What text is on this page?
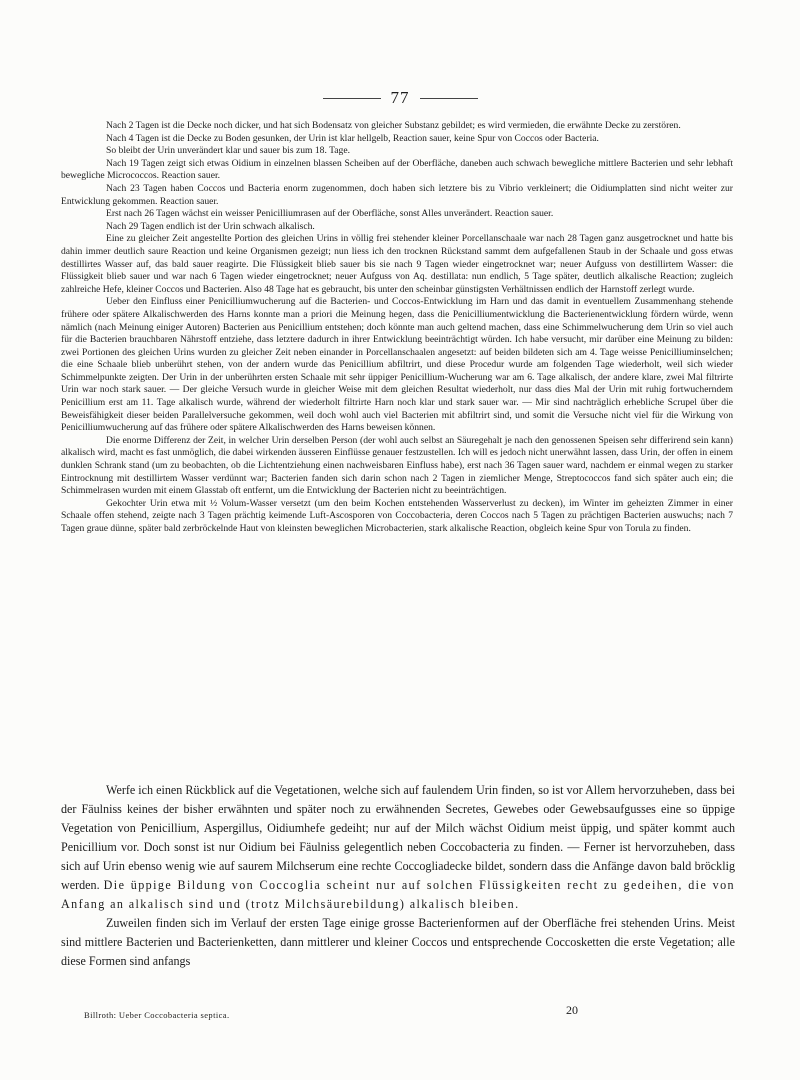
77

Nach 2 Tagen ist die Decke noch dicker, und hat sich Bodensatz von gleicher Substanz gebildet; es wird vermieden, die erwähnte Decke zu zerstören.

Nach 4 Tagen ist die Decke zu Boden gesunken, der Urin ist klar hellgelb, Reaction sauer, keine Spur von Coccos oder Bacteria.

So bleibt der Urin unverändert klar und sauer bis zum 18. Tage.

Nach 19 Tagen zeigt sich etwas Oidium in einzelnen blassen Scheiben auf der Oberfläche, daneben auch schwach bewegliche mittlere Bacterien und sehr lebhaft bewegliche Micrococcos. Reaction sauer.

Nach 23 Tagen haben Coccos und Bacteria enorm zugenommen, doch haben sich letztere bis zu Vibrio verkleinert; die Oidiumplatten sind nicht weiter zur Entwicklung gekommen. Reaction sauer.

Erst nach 26 Tagen wächst ein weisser Penicilliumrasen auf der Oberfläche, sonst Alles unverändert. Reaction sauer.

Nach 29 Tagen endlich ist der Urin schwach alkalisch.

Eine zu gleicher Zeit angestellte Portion des gleichen Urins in völlig frei stehender kleiner Porcellanschaale war nach 28 Tagen ganz ausgetrocknet und hatte bis dahin immer deutlich saure Reaction und keine Organismen gezeigt; nun liess ich den trocknen Rückstand sammt dem aufgefallenen Staub in der Schaale und goss etwas destillirtes Wasser auf, das bald sauer reagirte. Die Flüssigkeit blieb sauer bis sie nach 9 Tagen wieder eingetrocknet war; neuer Aufguss von destillirtem Wasser: die Flüssigkeit blieb sauer und war nach 6 Tagen wieder eingetrocknet; neuer Aufguss von Aq. destillata: nun endlich, 5 Tage später, deutlich alkalische Reaction; zugleich zahlreiche Hefe, kleiner Coccos und Bacterien. Also 48 Tage hat es gebraucht, bis unter den scheinbar günstigsten Verhältnissen endlich der Harnstoff zerlegt wurde.

Ueber den Einfluss einer Penicilliumwucherung auf die Bacterien- und Coccos-Entwicklung im Harn und das damit in eventuellem Zusammenhang stehende frühere oder spätere Alkalischwerden des Harns konnte man a priori die Meinung hegen, dass die Penicilliumentwicklung die Bacterienentwicklung fördern würde, wenn nämlich (nach Meinung einiger Autoren) Bacterien aus Penicillium entstehen; doch könnte man auch geltend machen, dass eine Schimmelwucherung dem Urin so viel auch für die Bacterien brauchbaren Nährstoff entziehe, dass letztere dadurch in ihrer Entwicklung beeinträchtigt würden. Ich habe versucht, mir darüber eine Meinung zu bilden: zwei Portionen des gleichen Urins wurden zu gleicher Zeit neben einander in Porcellanschaalen angesetzt: auf beiden bildeten sich am 4. Tage weisse Penicilliuminselchen; die eine Schaale blieb unberührt stehen, von der andern wurde das Penicillium abfiltrirt, und diese Procedur wurde am folgenden Tage wiederholt, weil sich wieder Schimmelpunkte zeigten. Der Urin in der unberührten ersten Schaale mit sehr üppiger Penicillium-Wucherung war am 6. Tage alkalisch, der andere klare, zwei Mal filtrirte Urin war noch stark sauer. — Der gleiche Versuch wurde in gleicher Weise mit dem gleichen Resultat wiederholt, nur dass dies Mal der Urin mit ruhig fortwucherndem Penicillium erst am 11. Tage alkalisch wurde, während der wiederholt filtrirte Harn noch klar und stark sauer war. — Mir sind nachträglich erhebliche Scrupel über die Beweisfähigkeit dieser beiden Parallelversuche gekommen, weil doch wohl auch viel Bacterien mit abfiltrirt sind, und somit die Versuche nicht viel für die Wirkung von Penicilliumwucherung auf das frühere oder spätere Alkalischwerden des Harns beweisen können.

Die enorme Differenz der Zeit, in welcher Urin derselben Person (der wohl auch selbst an Säuregehalt je nach den genossenen Speisen sehr differirend sein kann) alkalisch wird, macht es fast unmöglich, die dabei wirkenden äusseren Einflüsse genauer festzustellen. Ich will es jedoch nicht unerwähnt lassen, dass Urin, der offen in einem dunklen Schrank stand (um zu beobachten, ob die Lichtentziehung einen nachweisbaren Einfluss habe), erst nach 36 Tagen sauer ward, nachdem er einmal wegen zu starker Eintrocknung mit destillirtem Wasser verdünnt war; Bacterien fanden sich darin schon nach 2 Tagen in ziemlicher Menge, Streptococcos fand sich später auch ein; die Schimmelrasen wurden mit einem Glasstab oft entfernt, um die Entwicklung der Bacterien nicht zu beeinträchtigen.

Gekochter Urin etwa mit ½ Volum-Wasser versetzt (um den beim Kochen entstehenden Wasserverlust zu decken), im Winter im geheizten Zimmer in einer Schaale offen stehend, zeigte nach 3 Tagen prächtig keimende Luft-Ascosporen von Coccobacteria, deren Coccos nach 5 Tagen zu prächtigen Bacterien auswuchs; nach 7 Tagen graue dünne, später bald zerbröckelnde Haut von kleinsten beweglichen Microbacterien, stark alkalische Reaction, obgleich keine Spur von Torula zu finden.

Werfe ich einen Rückblick auf die Vegetationen, welche sich auf faulendem Urin finden, so ist vor Allem hervorzuheben, dass bei der Fäulniss keines der bisher erwähnten und später noch zu erwähnenden Secretes, Gewebes oder Gewebsaufgusses eine so üppige Vegetation von Penicillium, Aspergillus, Oidiumhefe gedeiht; nur auf der Milch wächst Oidium meist üppig, und später kommt auch Penicillium vor. Doch sonst ist nur Oidium bei Fäulniss gelegentlich neben Coccobacteria zu finden. — Ferner ist hervorzuheben, dass sich auf Urin ebenso wenig wie auf saurem Milchserum eine rechte Coccogliadecke bildet, sondern dass die Anfänge davon bald bröcklig werden. Die üppige Bildung von Coccoglia scheint nur auf solchen Flüssigkeiten recht zu gedeihen, die von Anfang an alkalisch sind und (trotz Milchsäurebildung) alkalisch bleiben.

Zuweilen finden sich im Verlauf der ersten Tage einige grosse Bacterienformen auf der Oberfläche frei stehenden Urins. Meist sind mittlere Bacterien und Bacterienketten, dann mittlerer und kleiner Coccos und entsprechende Coccosketten die erste Vegetation; alle diese Formen sind anfangs

Billroth: Ueber Coccobacteria septica.	20
